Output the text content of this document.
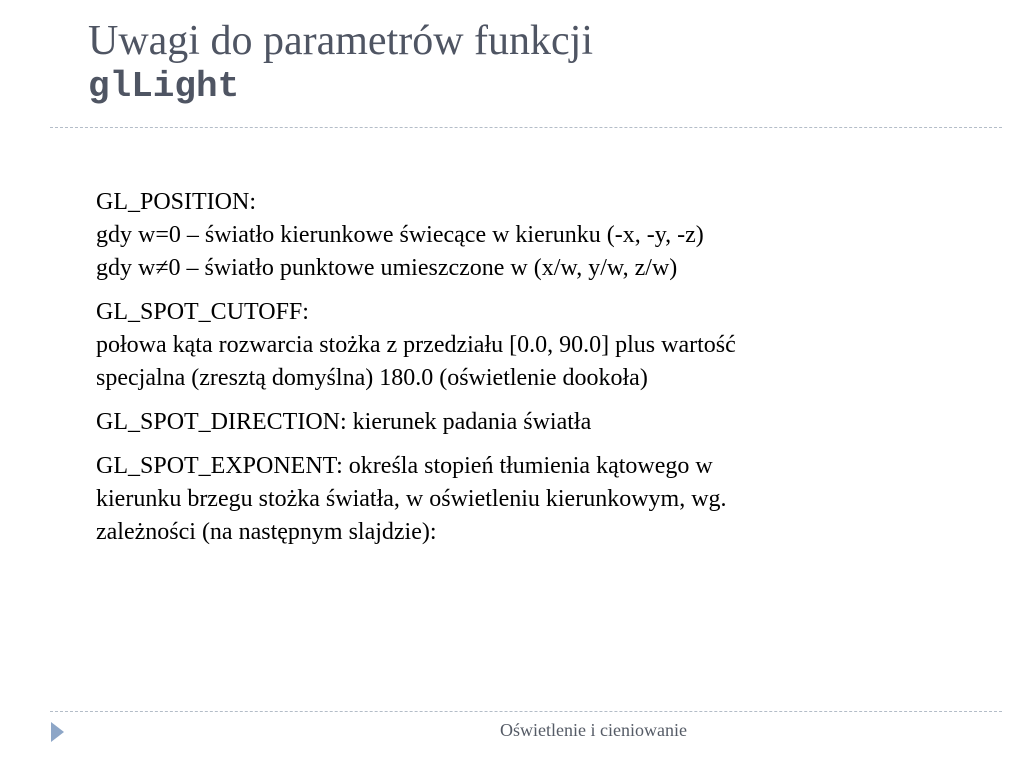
Uwagi do parametrów funkcji
glLight

GL_POSITION:
gdy w=0 – światło kierunkowe świecące w kierunku (-x, -y, -z)
gdy w≠0 – światło punktowe umieszczone w (x/w, y/w, z/w)

GL_SPOT_CUTOFF:
połowa kąta rozwarcia stożka z przedziału [0.0, 90.0] plus wartość
specjalna (zresztą domyślna) 180.0 (oświetlenie dookoła)

GL_SPOT_DIRECTION: kierunek padania światła

GL_SPOT_EXPONENT: określa stopień tłumienia kątowego w
kierunku brzegu stożka światła, w oświetleniu kierunkowym, wg.
zależności (na następnym slajdzie):

Oświetlenie i cieniowanie
